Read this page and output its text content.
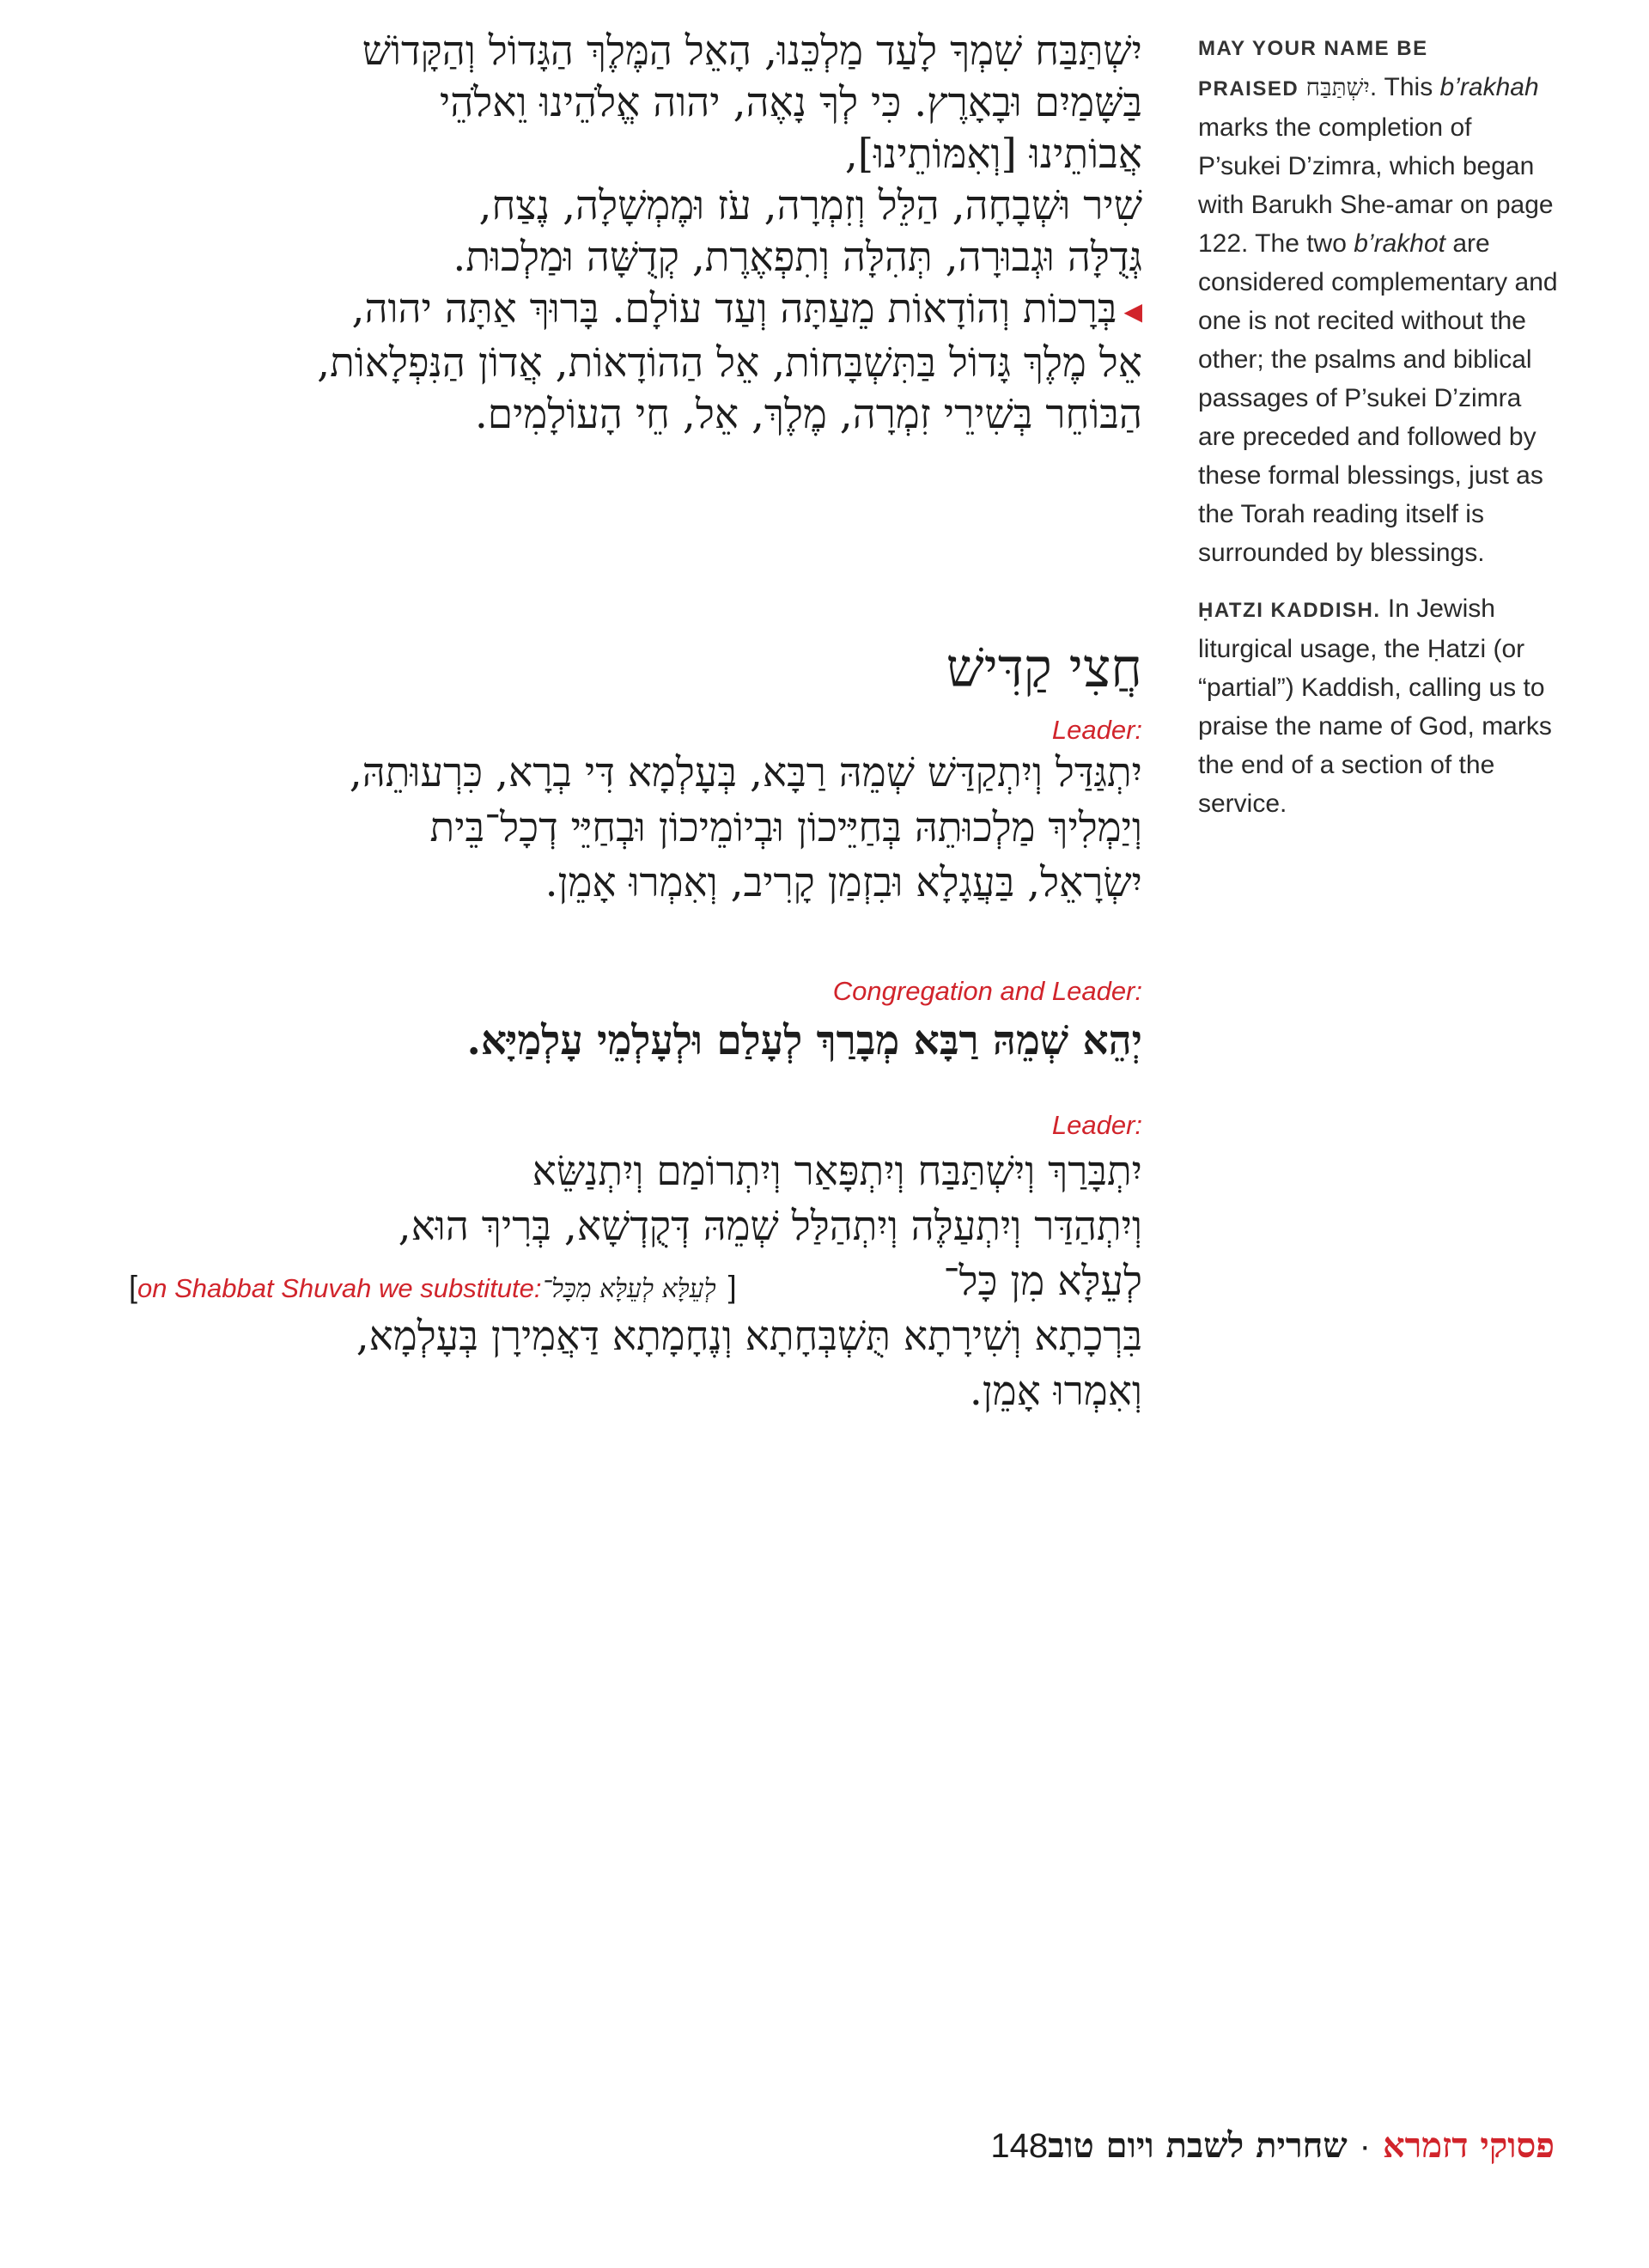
יִשְׁתַּבַּח שִׁמְךָ לָעַד מַלְכֵּנוּ, הָאֵל הַמֶּלֶךְ הַגָּדוֹל וְהַקָּדוֹשׁ
בַּשָּׁמַיִם וּבָאָרֶץ. כִּי לְךָ נָאֶה, יהוה אֱלֹהֵינוּ וֵאלֹהֵי
אֲבוֹתֵינוּ [וְאִמּוֹתֵינוּ],
שִׁיר וּשְׁבָחָה, הַלֵּל וְזִמְרָה, עֹז וּמֶמְשָׁלָה, נֶצַח,
גְּדֻלָּה וּגְבוּרָה, תְּהִלָּה וְתִפְאֶרֶת, קְדֻשָּׁה וּמַלְכוּת.
◀בְּרָכוֹת וְהוֹדָאוֹת מֵעַתָּה וְעַד עוֹלָם. בָּרוּךְ אַתָּה יהוה,
אֵל מֶלֶךְ גָּדוֹל בַּתִּשְׁבָּחוֹת, אֵל הַהוֹדָאוֹת, אֲדוֹן הַנִּפְלָאוֹת,
הַבּוֹחֵר בְּשִׁירֵי זִמְרָה, מֶלֶךְ, אֵל, חֵי הָעוֹלָמִים.
חֲצִי קַדִּישׁ
Leader:
יִתְגַּדַּל וְיִתְקַדַּשׁ שְׁמֵהּ רַבָּא, בְּעָלְמָא דִּי בְרָא, כִּרְעוּתֵהּ,
וְיַמְלִיךְ מַלְכוּתֵהּ בְּחַיֵּיכוֹן וּבְיוֹמֵיכוֹן וּבְחַיֵּי דְכָל־בֵּית
יִשְׂרָאֵל, בַּעֲגָלָא וּבִזְמַן קָרִיב, וְאִמְרוּ אָמֵן.
Congregation and Leader:
יְהֵא שְׁמֵהּ רַבָּא מְבָרַךְ לְעָלַם וּלְעָלְמֵי עָלְמַיָּא.
Leader:
יִתְבָּרַךְ וְיִשְׁתַּבַּח וְיִתְפָּאַר וְיִתְרוֹמַם וְיִתְנַשֵּׂא
וְיִתְהַדַּר וְיִתְעַלֶּה וְיִתְהַלַּל שְׁמֵהּ דְּקֻדְשָׁא, בְּרִיךְ הוּא,
לְעֵלָּא מִן כָּל־
[on Shabbat Shuvah we substitute:לְעֵלָּא לְעֵלָּא מִכָּל־ ]
בִּרְכָתָא וְשִׁירָתָא תֻּשְׁבְּחָתָא וְנֶחָמָתָא דַּאֲמִירָן בְּעָלְמָא,
וְאִמְרוּ אָמֵן.

MAY YOUR NAME BE
PRAISED יִשְׁתַּבַּח. This b’rakhah marks the completion of P’sukei D’zimra, which began with Barukh She-amar on page 122. The two b’rakhot are considered complementary and one is not recited without the other; the psalms and biblical passages of P’sukei D’zimra are preceded and followed by these formal blessings, just as the Torah reading itself is surrounded by blessings.

ḤATZI KADDISH. In Jewish liturgical usage, the Ḥatzi (or “partial”) Kaddish, calling us to praise the name of God, marks the end of a section of the service.

פסוקי דזמרא·שחרית לשבת ויום טוב148
